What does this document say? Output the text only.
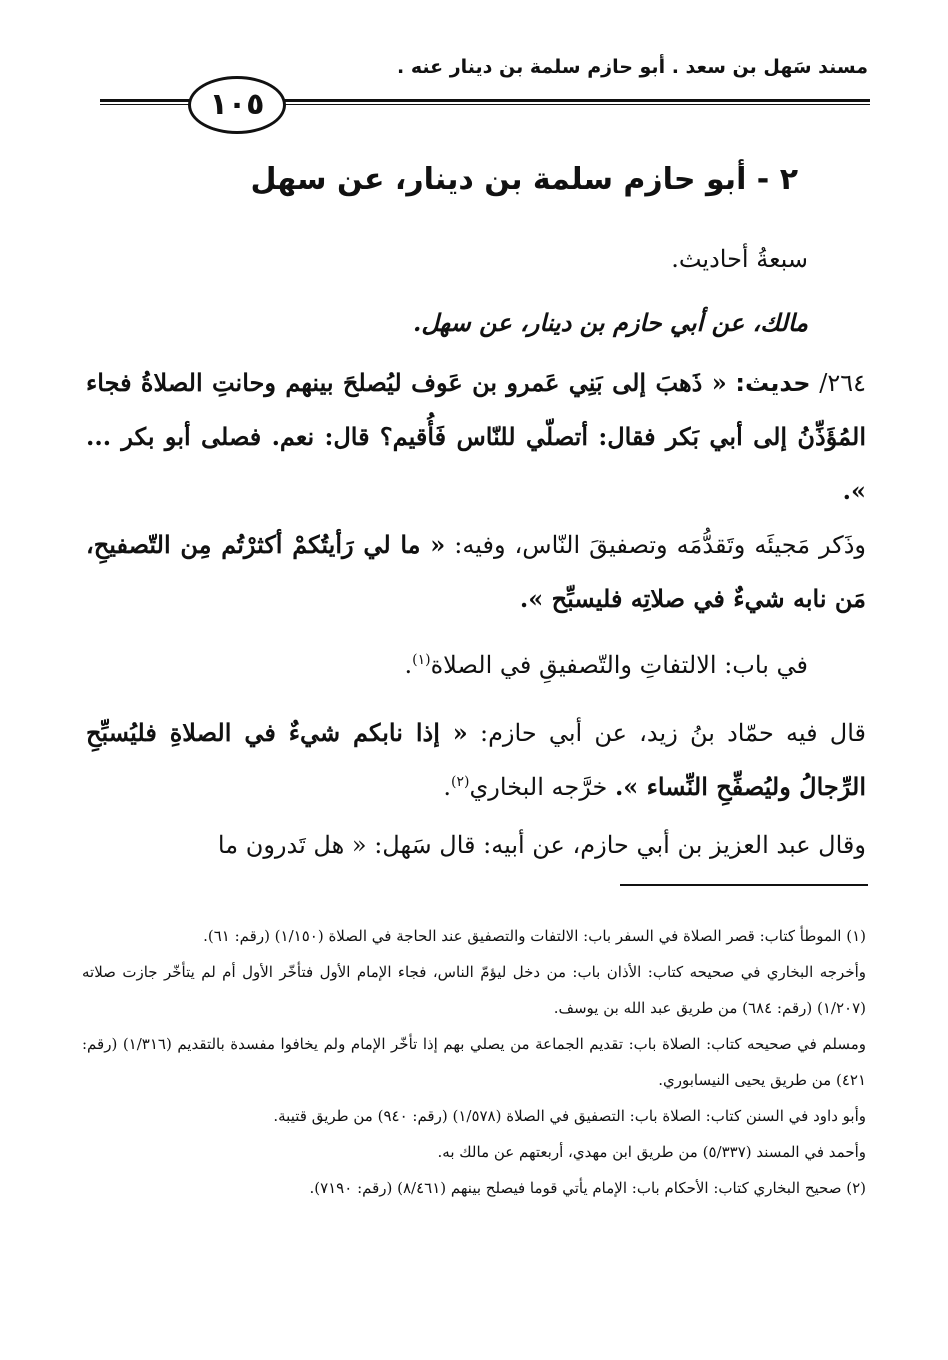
مسند سَهل بن سعد . أبو حازم سلمة بن دينار عنه .
١٠٥
٢ - أبو حازم سلمة بن دينار، عن سهل
سبعةُ أحاديث.
مالك، عن أبي حازم بن دينار، عن سهل.
٢٦٤/ حديث: « ذَهبَ إلى بَنِي عَمرو بن عَوف ليُصلحَ بينهم وحانتِ الصلاةُ فجاء المُؤَذِّنُ إلى أبي بَكر فقال: أتصلّي للنّاس فَأُقيم؟ قال: نعم. فصلى أبو بكر ... ».
وذَكر مَجيئَه وتَقدُّمَه وتصفيقَ النّاس، وفيه: « ما لي رَأيتُكمْ أكثرْتُم مِن التّصفيحِ، مَن نابه شيءٌ في صلاتِه فليسبِّح ».
في باب: الالتفاتِ والتّصفيقِ في الصلاة$^{(١)}$.
قال فيه حمّاد بنُ زيد، عن أبي حازم: « إذا نابكم شيءٌ في الصلاةِ فليُسبِّحِ الرِّجالُ وليُصفِّحِ النِّساء ». خرَّجه البخاري$^{(٢)}$.
وقال عبد العزيز بن أبي حازم، عن أبيه: قال سَهل: « هل تَدرون ما

(١) الموطأ كتاب: قصر الصلاة في السفر باب: الالتفات والتصفيق عند الحاجة في الصلاة (١/١٥٠) (رقم: ٦١).

وأخرجه البخاري في صحيحه كتاب: الأذان باب: من دخل ليؤمّ الناس، فجاء الإمام الأول فتأخّر الأول أم لم يتأخّر جازت صلاته (١/٢٠٧) (رقم: ٦٨٤) من طريق عبد الله بن يوسف.

ومسلم في صحيحه كتاب: الصلاة باب: تقديم الجماعة من يصلي بهم إذا تأخّر الإمام ولم يخافوا مفسدة بالتقديم (١/٣١٦) (رقم: ٤٢١) من طريق يحيى النيسابوري.

وأبو داود في السنن كتاب: الصلاة باب: التصفيق في الصلاة (١/٥٧٨) (رقم: ٩٤٠) من طريق قتيبة.

وأحمد في المسند (٥/٣٣٧) من طريق ابن مهدي، أربعتهم عن مالك به.

(٢) صحيح البخاري كتاب: الأحكام باب: الإمام يأتي قوما فيصلح بينهم (٨/٤٦١) (رقم: ٧١٩٠).
